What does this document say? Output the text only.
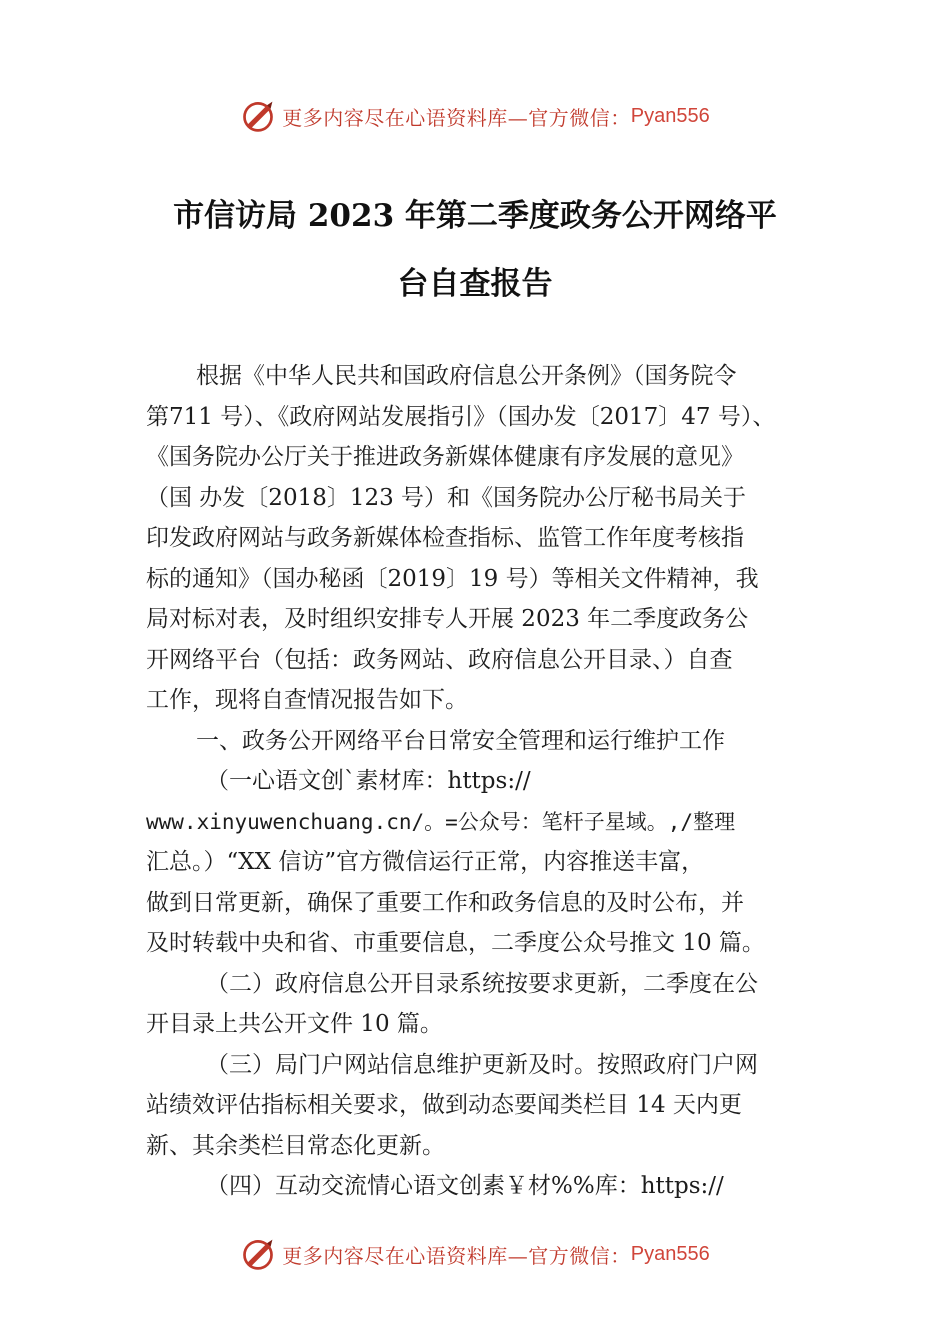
更多内容尽在心语资料库—官方微信： Pyan556
市信访局 2023 年第二季度政务公开网络平
台自查报告
根据《中华人民共和国政府信息公开条例》（国务院令
第711 号）、《政府网站发展指引》（国办发〔2017〕47 号）、
《国务院办公厅关于推进政务新媒体健康有序发展的意见》
（国 办发〔2018〕123 号）和《国务院办公厅秘书局关于
印发政府网站与政务新媒体检查指标、监管工作年度考核指
标的通知》（国办秘函〔2019〕19 号）等相关文件精神，我
局对标对表，及时组织安排专人开展 2023 年二季度政务公
开网络平台（包括：政务网站、政府信息公开目录、）自查
工作，现将自查情况报告如下。
一、政务公开网络平台日常安全管理和运行维护工作
（一心语文创`素材库：https://
www.xinyuwenchuang.cn/。=公众号：笔杆子星域。,/整理
汇总。）“XX 信访”官方微信运行正常，内容推送丰富，
做到日常更新，确保了重要工作和政务信息的及时公布，并
及时转载中央和省、市重要信息，二季度公众号推文 10 篇。
（二）政府信息公开目录系统按要求更新，二季度在公
开目录上共公开文件 10 篇。
（三）局门户网站信息维护更新及时。按照政府门户网
站绩效评估指标相关要求，做到动态要闻类栏目 14 天内更
新、其余类栏目常态化更新。
（四）互动交流情心语文创素￥材%%库：https://
更多内容尽在心语资料库—官方微信： Pyan556
